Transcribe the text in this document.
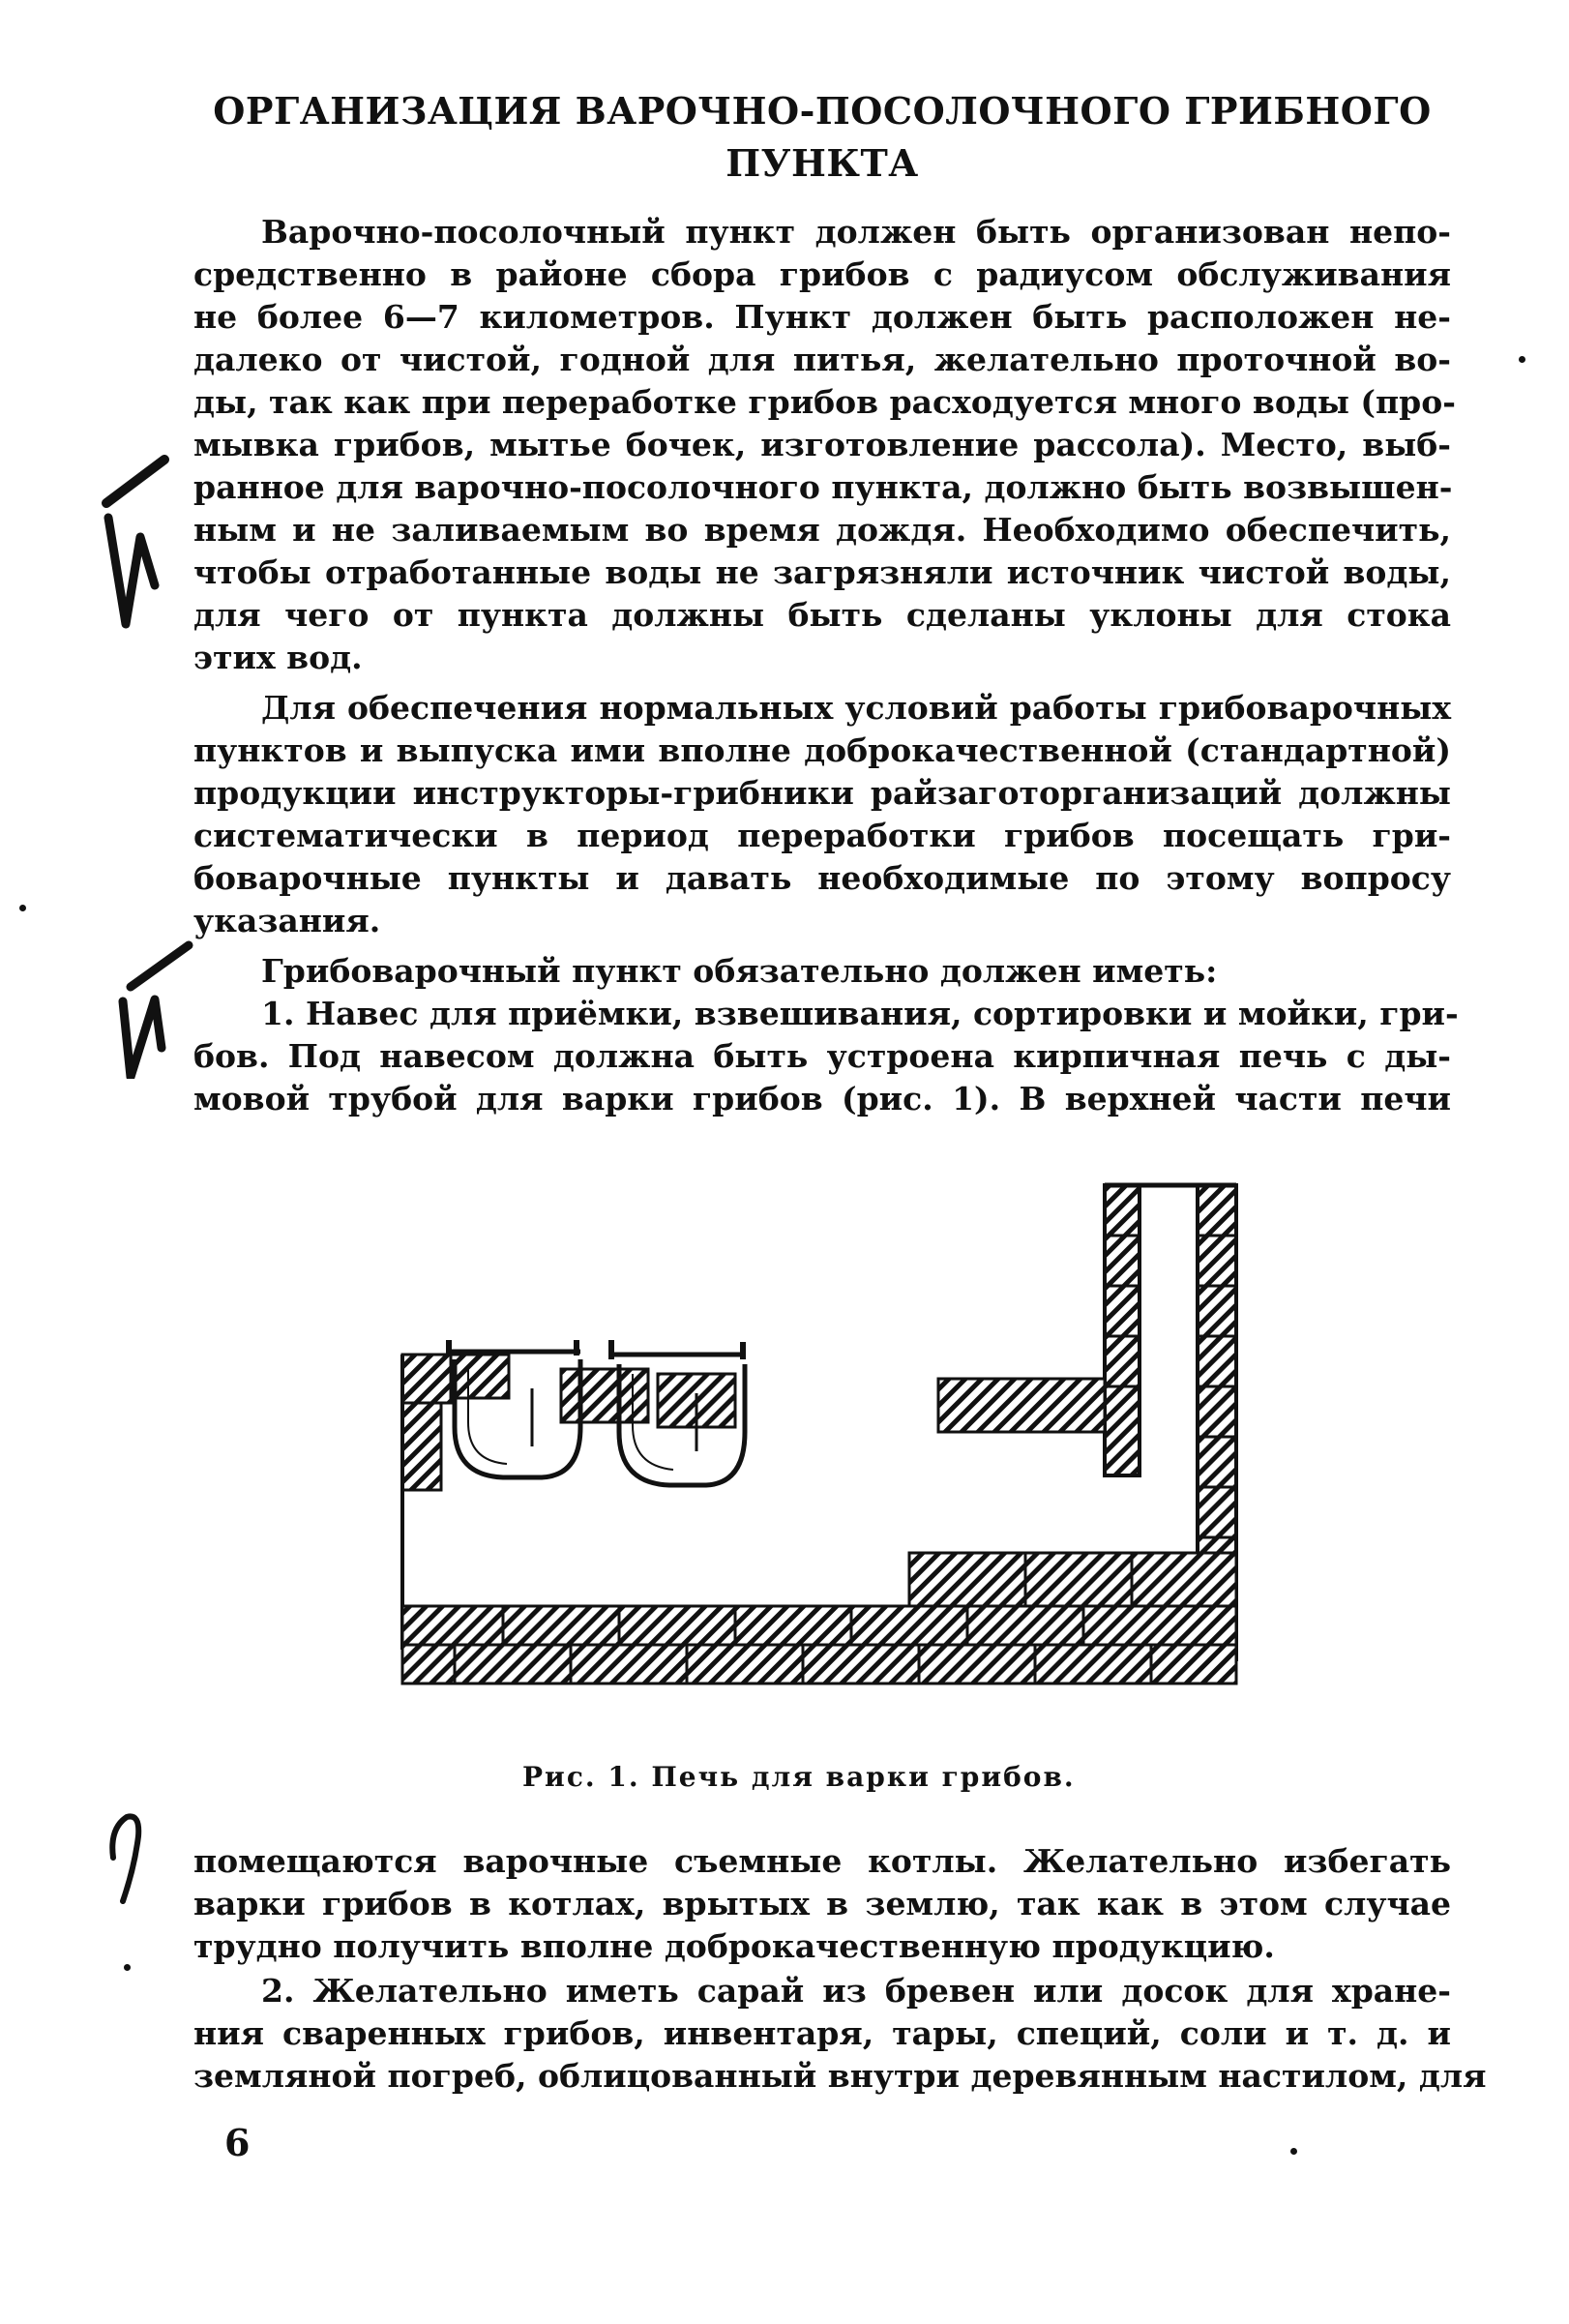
ОРГАНИЗАЦИЯ ВАРОЧНО-ПОСОЛОЧНОГО ГРИБНОГО
ПУНКТА
Варочно-посолочный пункт должен быть организован непо-
средственно в районе сбора грибов с радиусом обслуживания
не более 6—7 километров. Пункт должен быть расположен не-
далеко от чистой, годной для питья, желательно проточной во-
ды, так как при переработке грибов расходуется много воды (про-
мывка грибов, мытье бочек, изготовление рассола). Место, выб-
ранное для варочно-посолочного пункта, должно быть возвышен-
ным и не заливаемым во время дождя. Необходимо обеспечить,
чтобы отработанные воды не загрязняли источник чистой воды,
для чего от пункта должны быть сделаны уклоны для стока
этих вод.
Для обеспечения нормальных условий работы грибоварочных
пунктов и выпуска ими вполне доброкачественной (стандартной)
продукции инструкторы-грибники райзаготорганизаций должны
систематически в период переработки грибов посещать гри-
боварочные пункты и давать необходимые по этому вопросу
указания.
Грибоварочный пункт обязательно должен иметь:
1. Навес для приёмки, взвешивания, сортировки и мойки, гри-
бов. Под навесом должна быть устроена кирпичная печь с ды-
мовой трубой для варки грибов (рис. 1). В верхней части печи
Рис. 1. Печь для варки грибов.
помещаются варочные съемные котлы. Желательно избегать
варки грибов в котлах, врытых в землю, так как в этом случае
трудно получить вполне доброкачественную продукцию.
2. Желательно иметь сарай из бревен или досок для хране-
ния сваренных грибов, инвентаря, тары, специй, соли и т. д. и
земляной погреб, облицованный внутри деревянным настилом, для
6
